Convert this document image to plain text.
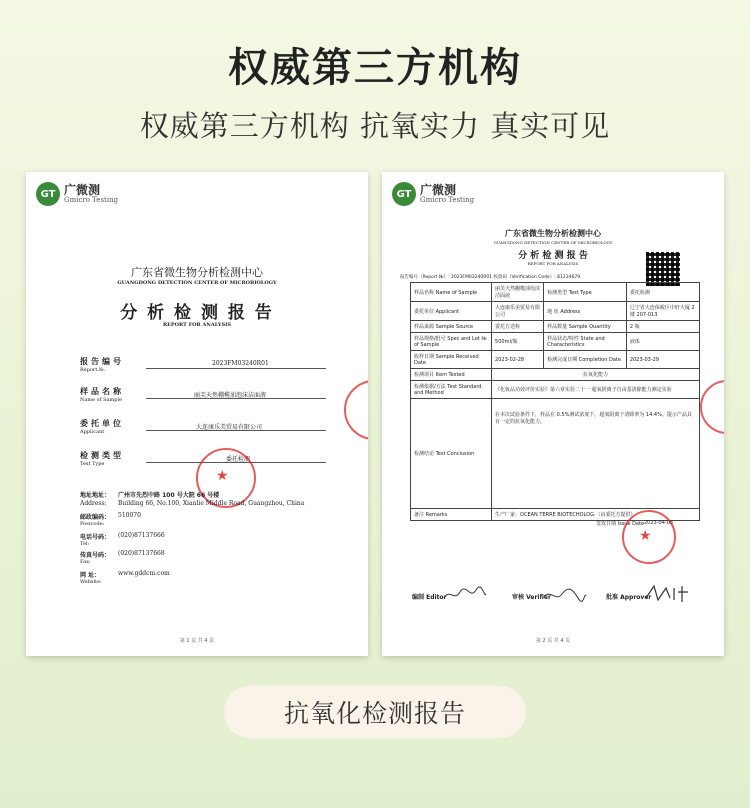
权威第三方机构
权威第三方机构 抗氧实力 真实可见
GT 广微测
Gmicro Testing
广东省微生物分析检测中心
GUANGDONG DETECTION CENTER OF MICROBIOLOGY
分 析 检 测 报 告
REPORT FOR ANALYSIS
报告编号
Report.№.
2023FM03240R01
样品名称
Name of Sample
丽芙天然棚榄油泡沫洁面液
委托单位
Applicant
大连康乐美贸易有限公司
检测类型
Test Type
委托检测
★
地址地址： 广州市先烈中路 100 号大院 66 号楼
Address: Building 66, No.100, Xianlie Middle Road, Guangzhou, China
邮政编码： 510070
Postcode:
电话号码： (020)87137666
Tel:
传真号码： (020)87137668
Fax:
网 址：	www.gddcm.com
Website:
第 1 页 共 4 页
GT 广微测
Gmicro Testing
广东省微生物分析检测中心
GUANGDONG DETECTION CENTER OF MICROBIOLOGY
分 析 检 测 报 告
REPORT FOR ANALYSIS
报告编号（Report №）: 2023FM03240R01 校验码（Verification Code）: 81234679
样品名称 Name of Sample	丽芙天然棚榄油泡沫洁面液	检测类型 Test Type	委托检测
委托单位 Applicant	大连康乐美贸易有限公司	地 址 Address	辽宁省大连保税区中轩大厦 2 楼 207-013
样品来源 Sample Source	委托方送检	样品数量 Sample Quantity	2 瓶
样品规格/批号 Spec and Lot № of Sample	500ml/瓶	样品状态/特性 State and Characteristics	液体
收样日期 Sample Received Date	2023-02-28	检测完成日期 Completion Date	2023-03-29
检测项目 Item Tested	抗氧化能力		
检测依据/方法 Test Standard and Method	《化妆品功效评价实验》第六章实验二十一 超氧阴离子自由基清除能力测定实验		
检测结论 Test Conclusion	在本次试验条件下，样品在 0.5%测试浓度下，超氧阴离子清除率为 14.4%。提示产品具有一定的抗氧化能力。		
备注 Remarks	生产厂家：OCEAN TERRE BIOTECHOLOG.（由委托方提供）		
签发日期 Issue Date 2023-04-06
★
编制 Editor	审核 Verifier	批准 Approver
第 2 页 共 4 页
抗氧化检测报告
